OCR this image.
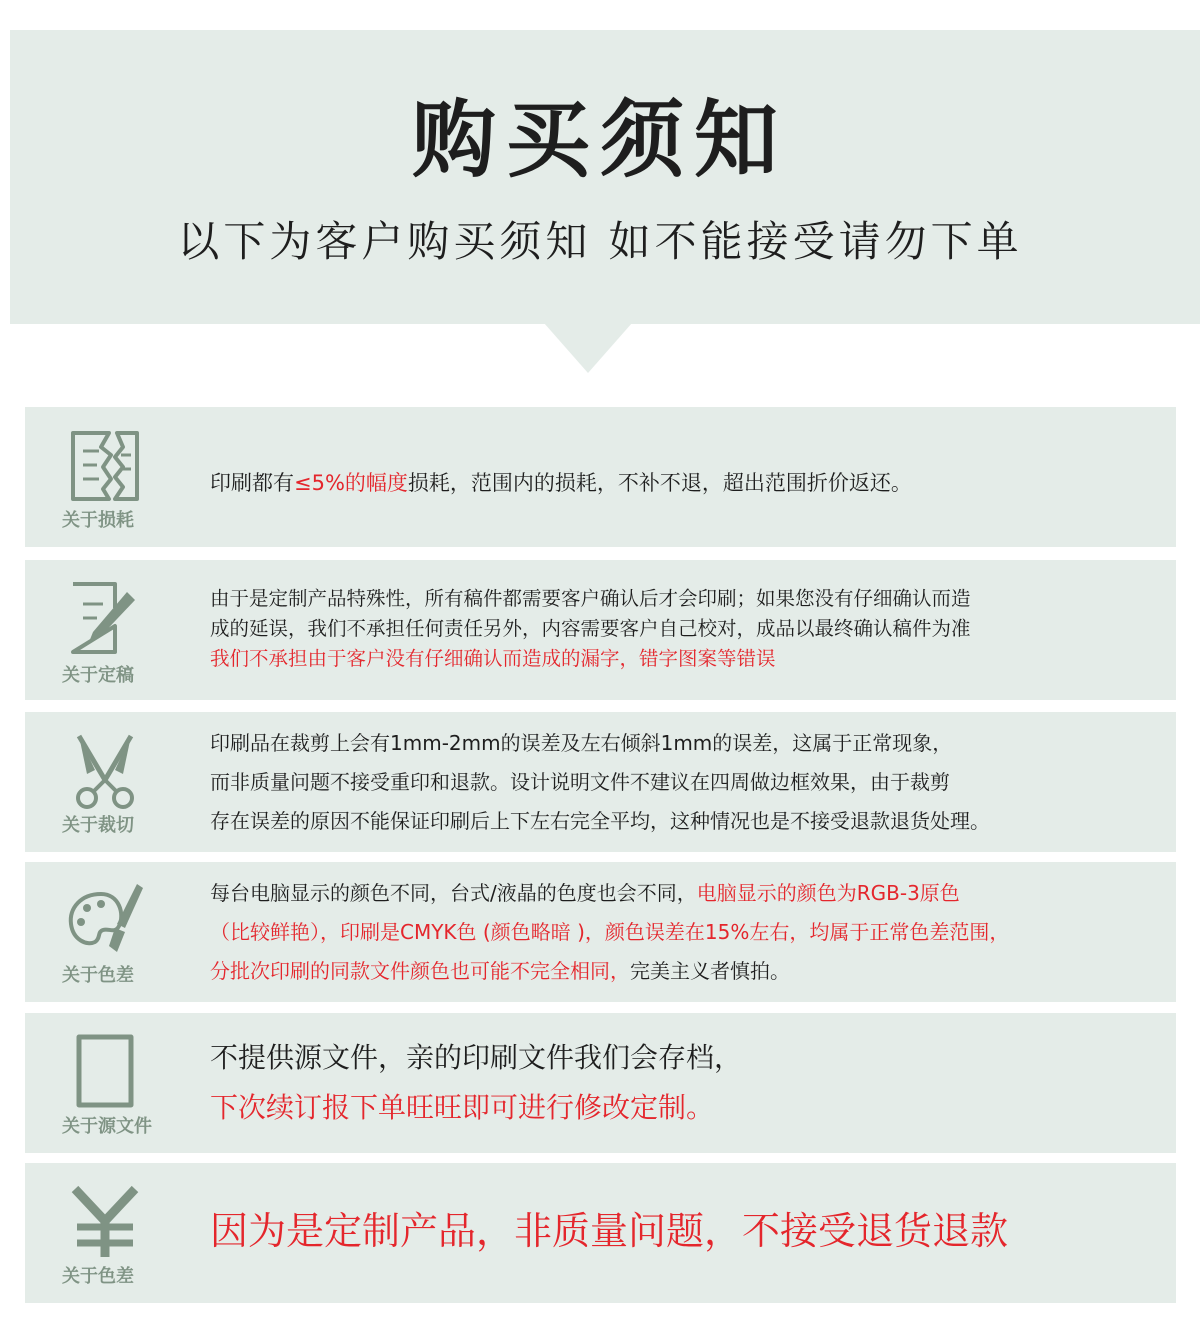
购买须知
以下为客户购买须知 如不能接受请勿下单
关于损耗
印刷都有≤5%的幅度损耗，范围内的损耗，不补不退，超出范围折价返还。
关于定稿
由于是定制产品特殊性，所有稿件都需要客户确认后才会印刷；如果您没有仔细确认而造
成的延误，我们不承担任何责任另外，内容需要客户自己校对，成品以最终确认稿件为准
我们不承担由于客户没有仔细确认而造成的漏字，错字图案等错误
关于裁切
印刷品在裁剪上会有1mm-2mm的误差及左右倾斜1mm的误差，这属于正常现象，
而非质量问题不接受重印和退款。设计说明文件不建议在四周做边框效果，由于裁剪
存在误差的原因不能保证印刷后上下左右完全平均，这种情况也是不接受退款退货处理。
关于色差
每台电脑显示的颜色不同，台式/液晶的色度也会不同，电脑显示的颜色为RGB-3原色
（比较鲜艳），印刷是CMYK色 (颜色略暗 )，颜色误差在15%左右，均属于正常色差范围，
分批次印刷的同款文件颜色也可能不完全相同，完美主义者慎拍。
关于源文件
不提供源文件，亲的印刷文件我们会存档，
下次续订报下单旺旺即可进行修改定制。
关于色差
因为是定制产品，非质量问题，不接受退货退款
